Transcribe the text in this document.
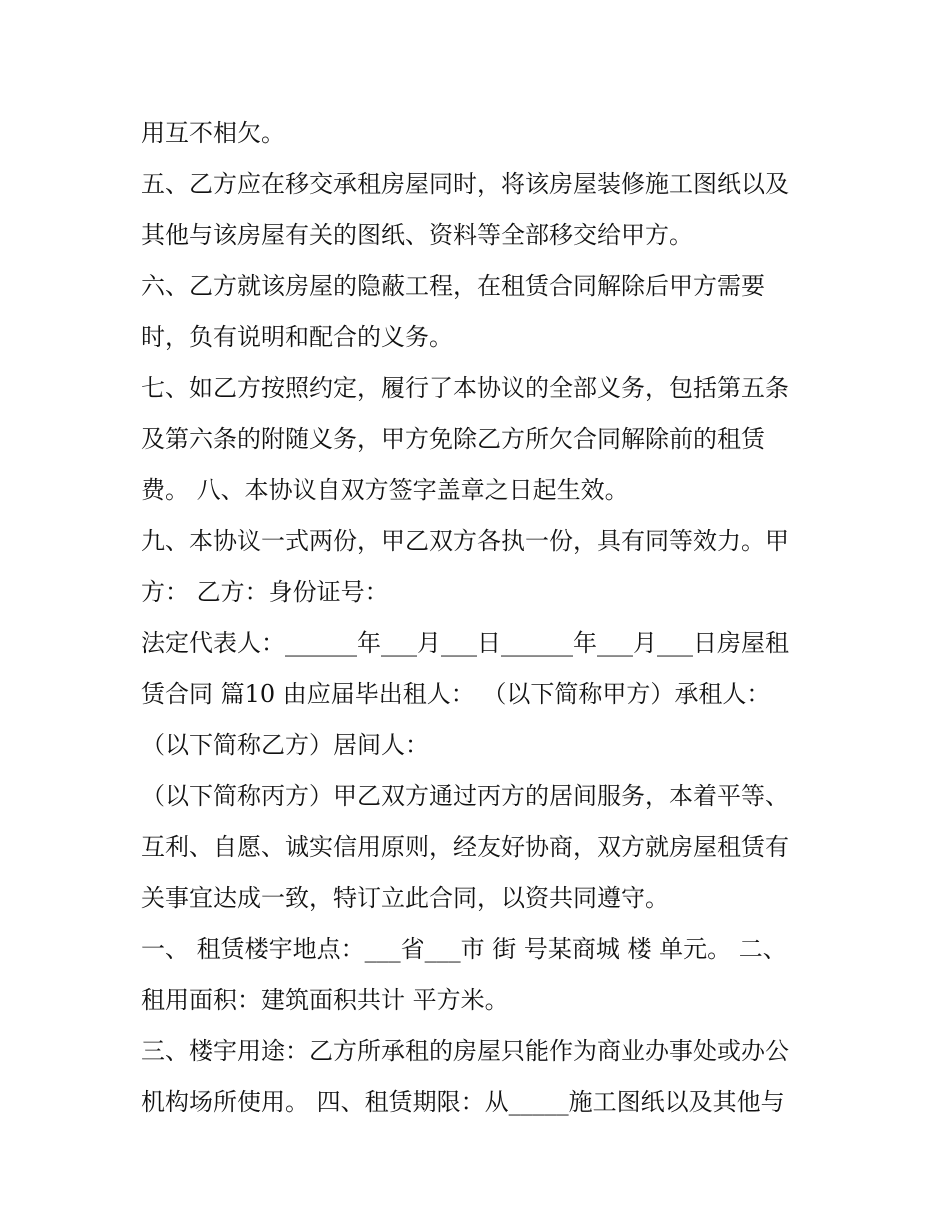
用互不相欠。
五、乙方应在移交承租房屋同时，将该房屋装修施工图纸以及
其他与该房屋有关的图纸、资料等全部移交给甲方。
六、乙方就该房屋的隐蔽工程，在租赁合同解除后甲方需要
时，负有说明和配合的义务。
七、如乙方按照约定，履行了本协议的全部义务，包括第五条
及第六条的附随义务，甲方免除乙方所欠合同解除前的租赁
费。 八、本协议自双方签字盖章之日起生效。
九、本协议一式两份，甲乙双方各执一份，具有同等效力。甲
方： 乙方：身份证号：
法定代表人：______年___月___日______年___月___日房屋租
赁合同 篇10 由应届毕出租人： （以下简称甲方）承租人：
（以下简称乙方）居间人：
（以下简称丙方）甲乙双方通过丙方的居间服务，本着平等、
互利、自愿、诚实信用原则，经友好协商，双方就房屋租赁有
关事宜达成一致，特订立此合同，以资共同遵守。
一、 租赁楼宇地点：___省___市 街 号某商城 楼 单元。 二、
租用面积：建筑面积共计 平方米。
三、楼宇用途：乙方所承租的房屋只能作为商业办事处或办公
机构场所使用。 四、租赁期限：从_____施工图纸以及其他与
